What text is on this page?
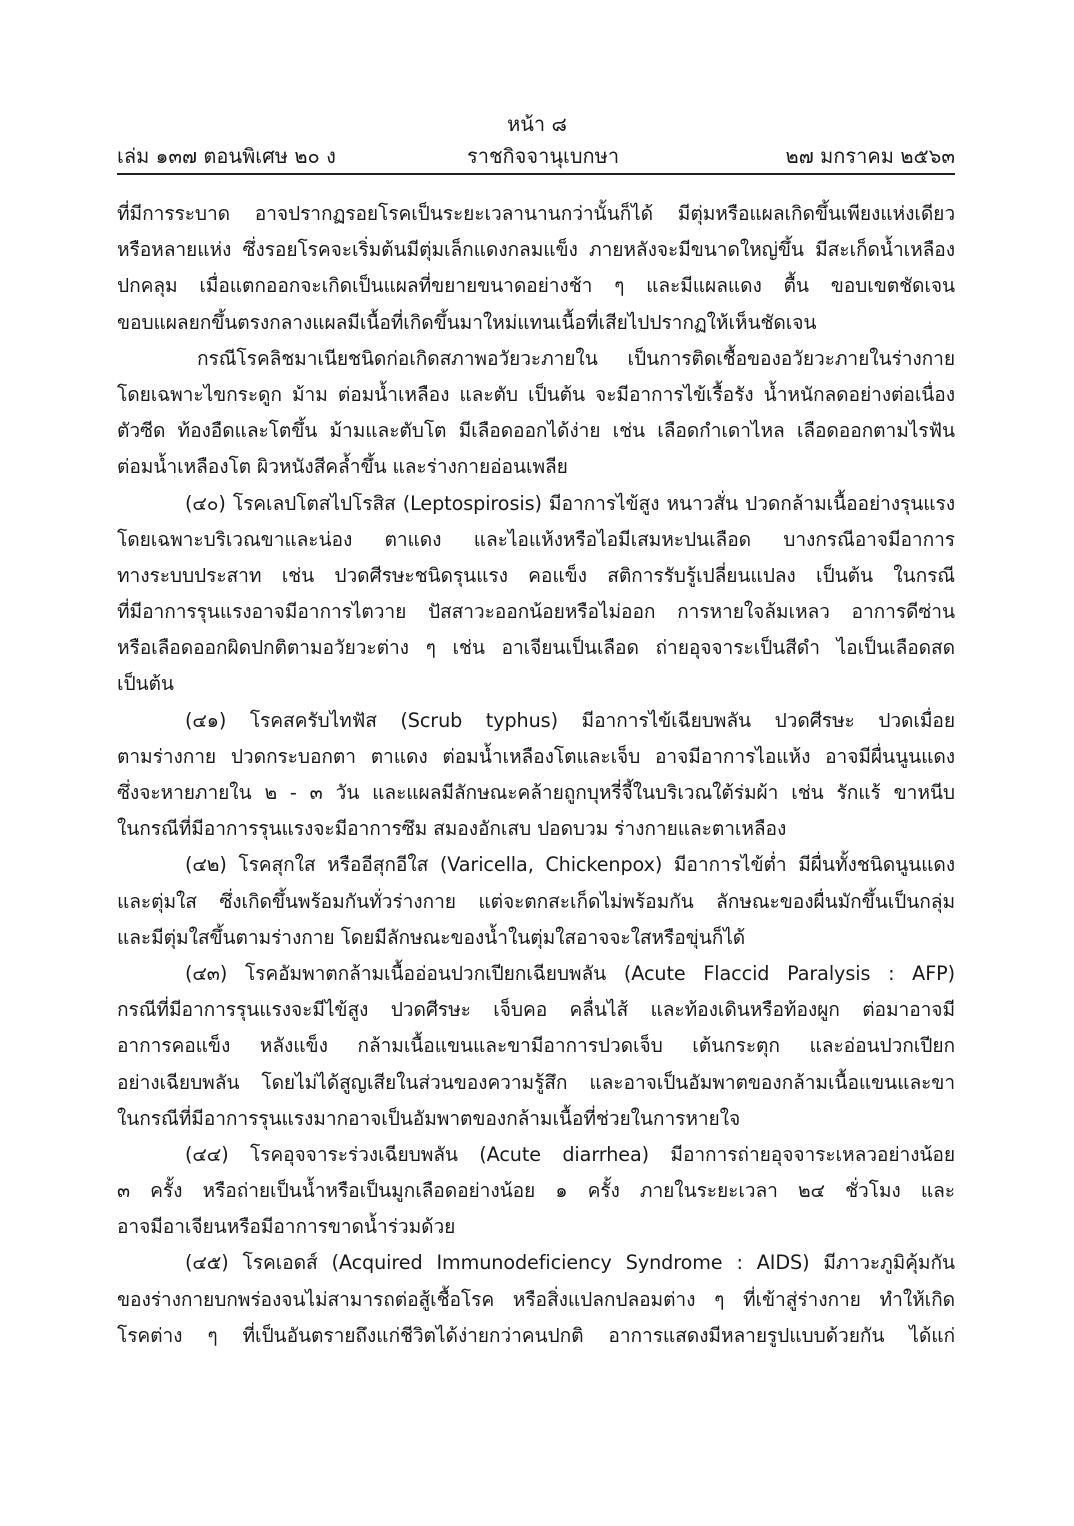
หน้า ๘
เล่ม ๑๓๗ ตอนพิเศษ ๒๐ ง	ราชกิจจานุเบกษา	๒๗ มกราคม ๒๕๖๓
ที่มีการระบาด อาจปรากฏรอยโรคเป็นระยะเวลานานกว่านั้นก็ได้ มีตุ่มหรือแผลเกิดขึ้นเพียงแห่งเดียว
หรือหลายแห่ง ซึ่งรอยโรคจะเริ่มต้นมีตุ่มเล็กแดงกลมแข็ง ภายหลังจะมีขนาดใหญ่ขึ้น มีสะเก็ดน้ำเหลือง
ปกคลุม เมื่อแตกออกจะเกิดเป็นแผลที่ขยายขนาดอย่างช้า ๆ และมีแผลแดง ตื้น ขอบเขตชัดเจน
ขอบแผลยกขึ้นตรงกลางแผลมีเนื้อที่เกิดขึ้นมาใหม่แทนเนื้อที่เสียไปปรากฏให้เห็นชัดเจน
กรณีโรคลิชมาเนียชนิดก่อเกิดสภาพอวัยวะภายใน เป็นการติดเชื้อของอวัยวะภายในร่างกาย
โดยเฉพาะไขกระดูก ม้าม ต่อมน้ำเหลือง และตับ เป็นต้น จะมีอาการไข้เรื้อรัง น้ำหนักลดอย่างต่อเนื่อง
ตัวซีด ท้องอืดและโตขึ้น ม้ามและตับโต มีเลือดออกได้ง่าย เช่น เลือดกำเดาไหล เลือดออกตามไรฟัน
ต่อมน้ำเหลืองโต ผิวหนังสีคล้ำขึ้น และร่างกายอ่อนเพลีย
(๔๐) โรคเลปโตสไปโรสิส (Leptospirosis) มีอาการไข้สูง หนาวสั่น ปวดกล้ามเนื้ออย่างรุนแรง
โดยเฉพาะบริเวณขาและน่อง ตาแดง และไอแห้งหรือไอมีเสมหะปนเลือด บางกรณีอาจมีอาการ
ทางระบบประสาท เช่น ปวดศีรษะชนิดรุนแรง คอแข็ง สติการรับรู้เปลี่ยนแปลง เป็นต้น ในกรณี
ที่มีอาการรุนแรงอาจมีอาการไตวาย ปัสสาวะออกน้อยหรือไม่ออก การหายใจล้มเหลว อาการดีซ่าน
หรือเลือดออกผิดปกติตามอวัยวะต่าง ๆ เช่น อาเจียนเป็นเลือด ถ่ายอุจจาระเป็นสีดำ ไอเป็นเลือดสด
เป็นต้น
(๔๑) โรคสครับไทฟัส (Scrub typhus) มีอาการไข้เฉียบพลัน ปวดศีรษะ ปวดเมื่อย
ตามร่างกาย ปวดกระบอกตา ตาแดง ต่อมน้ำเหลืองโตและเจ็บ อาจมีอาการไอแห้ง อาจมีผื่นนูนแดง
ซึ่งจะหายภายใน ๒ - ๓ วัน และแผลมีลักษณะคล้ายถูกบุหรี่จี้ในบริเวณใต้ร่มผ้า เช่น รักแร้ ขาหนีบ
ในกรณีที่มีอาการรุนแรงจะมีอาการซึม สมองอักเสบ ปอดบวม ร่างกายและตาเหลือง
(๔๒) โรคสุกใส หรืออีสุกอีใส (Varicella, Chickenpox) มีอาการไข้ต่ำ มีผื่นทั้งชนิดนูนแดง
และตุ่มใส ซึ่งเกิดขึ้นพร้อมกันทั่วร่างกาย แต่จะตกสะเก็ดไม่พร้อมกัน ลักษณะของผื่นมักขึ้นเป็นกลุ่ม
และมีตุ่มใสขึ้นตามร่างกาย โดยมีลักษณะของน้ำในตุ่มใสอาจจะใสหรือขุ่นก็ได้
(๔๓) โรคอัมพาตกล้ามเนื้ออ่อนปวกเปียกเฉียบพลัน (Acute Flaccid Paralysis : AFP)
กรณีที่มีอาการรุนแรงจะมีไข้สูง ปวดศีรษะ เจ็บคอ คลื่นไส้ และท้องเดินหรือท้องผูก ต่อมาอาจมี
อาการคอแข็ง หลังแข็ง กล้ามเนื้อแขนและขามีอาการปวดเจ็บ เต้นกระตุก และอ่อนปวกเปียก
อย่างเฉียบพลัน โดยไม่ได้สูญเสียในส่วนของความรู้สึก และอาจเป็นอัมพาตของกล้ามเนื้อแขนและขา
ในกรณีที่มีอาการรุนแรงมากอาจเป็นอัมพาตของกล้ามเนื้อที่ช่วยในการหายใจ
(๔๔) โรคอุจจาระร่วงเฉียบพลัน (Acute diarrhea) มีอาการถ่ายอุจจาระเหลวอย่างน้อย
๓ ครั้ง หรือถ่ายเป็นน้ำหรือเป็นมูกเลือดอย่างน้อย ๑ ครั้ง ภายในระยะเวลา ๒๔ ชั่วโมง และ
อาจมีอาเจียนหรือมีอาการขาดน้ำร่วมด้วย
(๔๕) โรคเอดส์ (Acquired Immunodeficiency Syndrome : AIDS) มีภาวะภูมิคุ้มกัน
ของร่างกายบกพร่องจนไม่สามารถต่อสู้เชื้อโรค หรือสิ่งแปลกปลอมต่าง ๆ ที่เข้าสู่ร่างกาย ทำให้เกิด
โรคต่าง ๆ ที่เป็นอันตรายถึงแก่ชีวิตได้ง่ายกว่าคนปกติ อาการแสดงมีหลายรูปแบบด้วยกัน ได้แก่
